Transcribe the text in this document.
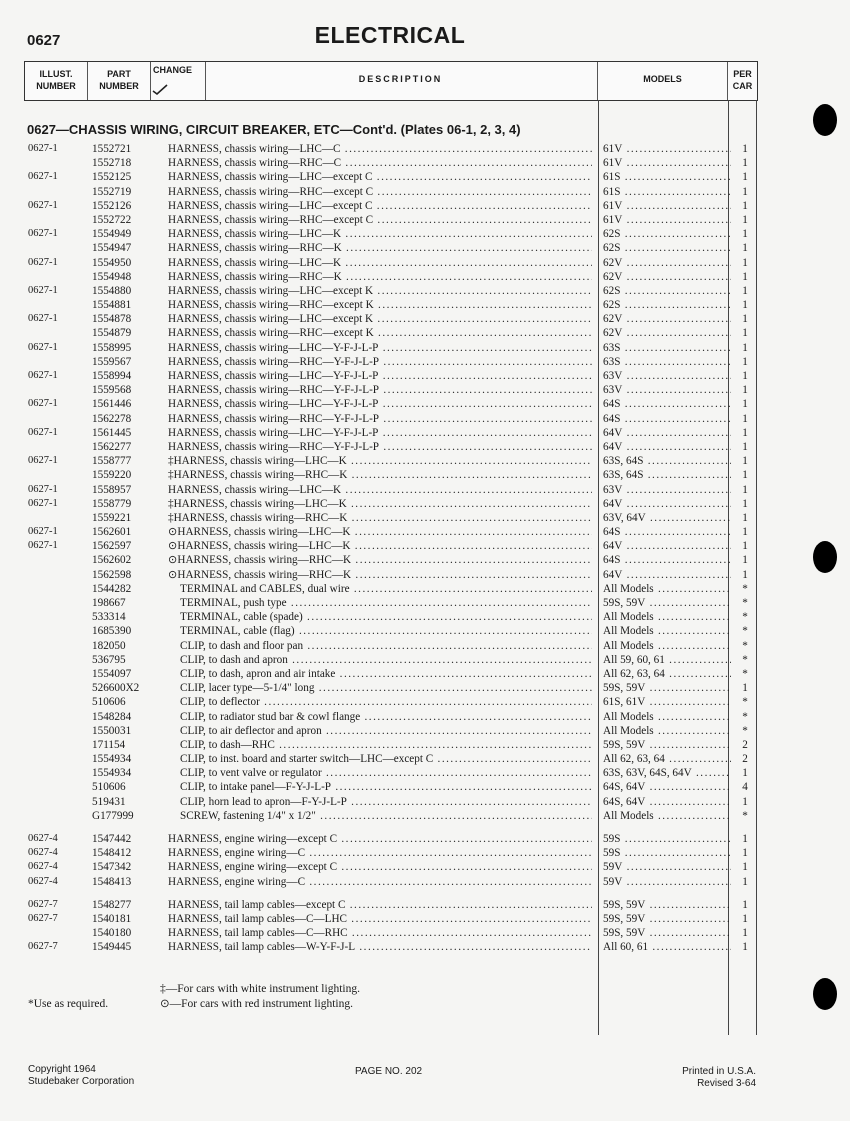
0627	ELECTRICAL
ILLUST.
NUMBER
PART
NUMBER
CHANGE
DESCRIPTION	MODELS	PER
CAR
0627—CHASSIS WIRING, CIRCUIT BREAKER, ETC—Cont'd. (Plates 06-1, 2, 3, 4)
0627-1	1552721	HARNESS, chassis wiring—LHC—C .....	61V .....	1
1552718	HARNESS, chassis wiring—RHC—C .....	61V .....	1
0627-1	1552125	HARNESS, chassis wiring—LHC—except C .....	61S .....	1
1552719	HARNESS, chassis wiring—RHC—except C .....	61S .....	1
0627-1	1552126	HARNESS, chassis wiring—LHC—except C .....	61V .....	1
1552722	HARNESS, chassis wiring—RHC—except C .....	61V .....	1
0627-1	1554949	HARNESS, chassis wiring—LHC—K .....	62S .....	1
1554947	HARNESS, chassis wiring—RHC—K .....	62S .....	1
0627-1	1554950	HARNESS, chassis wiring—LHC—K .....	62V .....	1
1554948	HARNESS, chassis wiring—RHC—K .....	62V .....	1
0627-1	1554880	HARNESS, chassis wiring—LHC—except K .....	62S .....	1
1554881	HARNESS, chassis wiring—RHC—except K .....	62S .....	1
0627-1	1554878	HARNESS, chassis wiring—LHC—except K .....	62V .....	1
1554879	HARNESS, chassis wiring—RHC—except K .....	62V .....	1
0627-1	1558995	HARNESS, chassis wiring—LHC—Y-F-J-L-P .....	63S .....	1
1559567	HARNESS, chassis wiring—RHC—Y-F-J-L-P .....	63S .....	1
0627-1	1558994	HARNESS, chassis wiring—LHC—Y-F-J-L-P .....	63V .....	1
1559568	HARNESS, chassis wiring—RHC—Y-F-J-L-P .....	63V .....	1
0627-1	1561446	HARNESS, chassis wiring—LHC—Y-F-J-L-P .....	64S .....	1
1562278	HARNESS, chassis wiring—RHC—Y-F-J-L-P .....	64S .....	1
0627-1	1561445	HARNESS, chassis wiring—LHC—Y-F-J-L-P .....	64V .....	1
1562277	HARNESS, chassis wiring—RHC—Y-F-J-L-P .....	64V .....	1
0627-1	1558777	‡HARNESS, chassis wiring—LHC—K .....	63S, 64S .....	1
1559220	‡HARNESS, chassis wiring—RHC—K .....	63S, 64S .....	1
0627-1	1558957	HARNESS, chassis wiring—LHC—K .....	63V .....	1
0627-1	1558779	‡HARNESS, chassis wiring—LHC—K .....	64V .....	1
1559221	‡HARNESS, chassis wiring—RHC—K .....	63V, 64V .....	1
0627-1	1562601	⊙HARNESS, chassis wiring—LHC—K .....	64S .....	1
0627-1	1562597	⊙HARNESS, chassis wiring—LHC—K .....	64V .....	1
1562602	⊙HARNESS, chassis wiring—RHC—K .....	64S .....	1
1562598	⊙HARNESS, chassis wiring—RHC—K .....	64V .....	1
1544282	TERMINAL and CABLES, dual wire .....	All Models .....	*
198667	TERMINAL, push type .....	59S, 59V .....	*
533314	TERMINAL, cable (spade) .....	All Models .....	*
1685390	TERMINAL, cable (flag) .....	All Models .....	*
182050	CLIP, to dash and floor pan .....	All Models .....	*
536795	CLIP, to dash and apron .....	All 59, 60, 61 .....	*
1554097	CLIP, to dash, apron and air intake .....	All 62, 63, 64 .....	*
526600X2	CLIP, lacer type—5-1/4" long .....	59S, 59V .....	1
510606	CLIP, to deflector .....	61S, 61V .....	*
1548284	CLIP, to radiator stud bar & cowl flange .....	All Models .....	*
1550031	CLIP, to air deflector and apron .....	All Models .....	*
171154	CLIP, to dash—RHC .....	59S, 59V .....	2
1554934	CLIP, to inst. board and starter switch—LHC—except C .....	All 62, 63, 64 .....	2
1554934	CLIP, to vent valve or regulator .....	63S, 63V, 64S, 64V .....	1
510606	CLIP, to intake panel—F-Y-J-L-P .....	64S, 64V .....	4
519431	CLIP, horn lead to apron—F-Y-J-L-P .....	64S, 64V .....	1
G177999	SCREW, fastening 1/4" x 1/2" .....	All Models .....	*
0627-4	1547442	HARNESS, engine wiring—except C .....	59S .....	1
0627-4	1548412	HARNESS, engine wiring—C .....	59S .....	1
0627-4	1547342	HARNESS, engine wiring—except C .....	59V .....	1
0627-4	1548413	HARNESS, engine wiring—C .....	59V .....	1
0627-7	1548277	HARNESS, tail lamp cables—except C .....	59S, 59V .....	1
0627-7	1540181	HARNESS, tail lamp cables—C—LHC .....	59S, 59V .....	1
1540180	HARNESS, tail lamp cables—C—RHC .....	59S, 59V .....	1
0627-7	1549445	HARNESS, tail lamp cables—W-Y-F-J-L .....	All 60, 61 .....	1
*Use as required.
‡—For cars with white instrument lighting.
⊙—For cars with red instrument lighting.
Copyright 1964
Studebaker Corporation
PAGE NO. 202	Printed in U.S.A.
Revised 3-64
